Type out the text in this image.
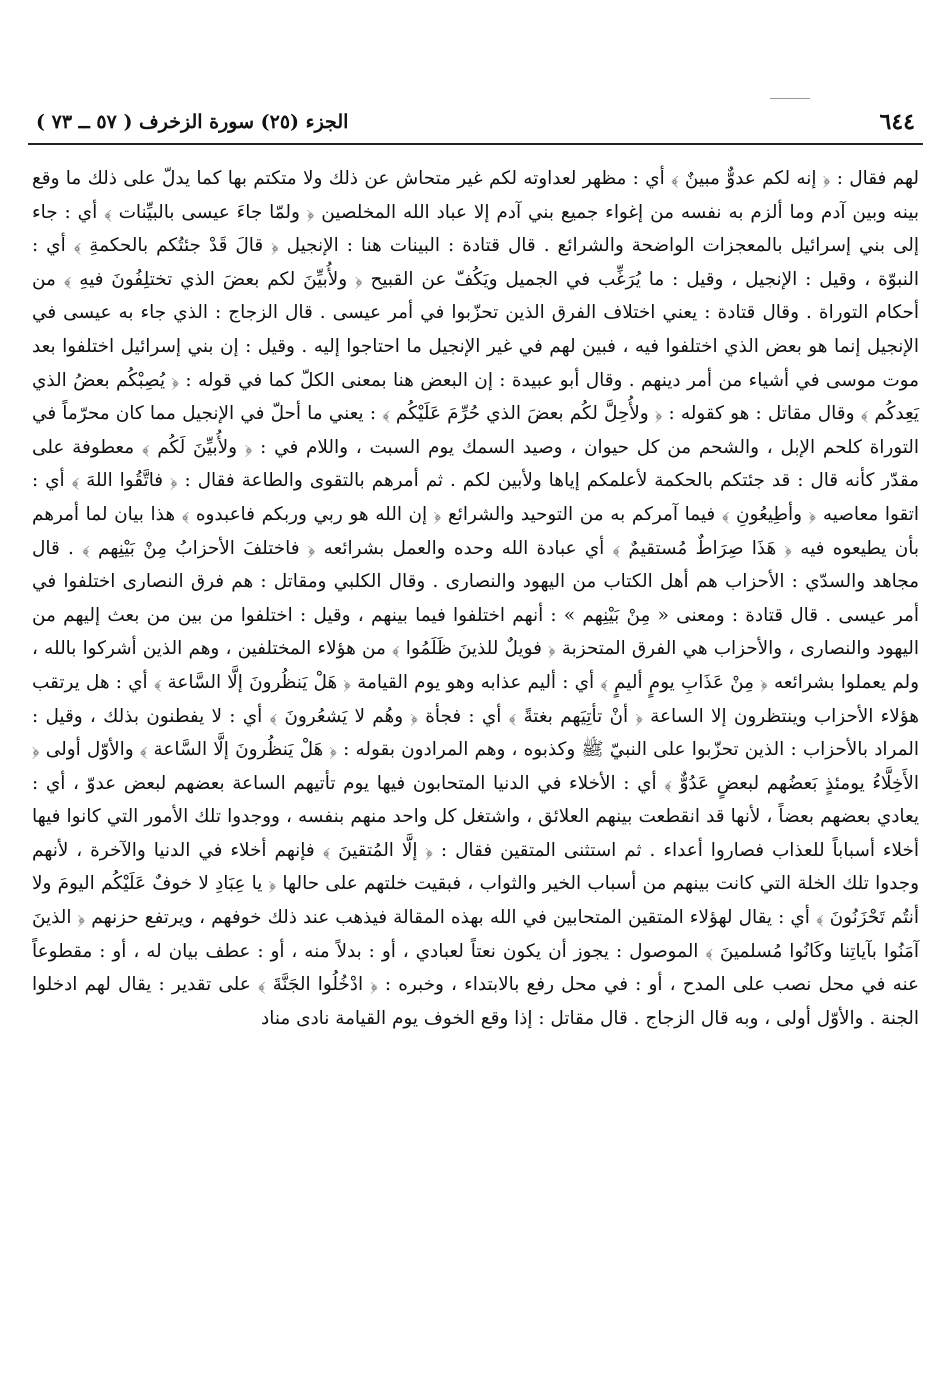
٦٤٤
الجزء (٢٥) سورة الزخرف ( ٥٧ ــ ٧٣ )

لهم فقال : ﴿ إنه لكم عدوٌّ مبينٌ ﴾ أي : مظهر لعداوته لكم غير متحاش عن ذلك ولا متكتم بها كما يدلّ على ذلك ما وقع بينه وبين آدم وما ألزم به نفسه من إغواء جميع بني آدم إلا عباد الله المخلصين ﴿ ولمّا جاءَ عيسى بالبيِّنات ﴾ أي : جاء إلى بني إسرائيل بالمعجزات الواضحة والشرائع . قال قتادة : البينات هنا : الإنجيل ﴿ قالَ قَدْ جئتُكم بالحكمةِ ﴾ أي : النبوّة ، وقيل : الإنجيل ، وقيل : ما يُرَغِّب في الجميل ويَكُفّ عن القبيح ﴿ ولأُبيِّنَ لكم بعضَ الذي تختلِفُونَ فيهِ ﴾ من أحكام التوراة . وقال قتادة : يعني اختلاف الفرق الذين تحزّبوا في أمر عيسى . قال الزجاج : الذي جاء به عيسى في الإنجيل إنما هو بعض الذي اختلفوا فيه ، فبين لهم في غير الإنجيل ما احتاجوا إليه . وقيل : إن بني إسرائيل اختلفوا بعد موت موسى في أشياء من أمر دينهم . وقال أبو عبيدة : إن البعض هنا بمعنى الكلّ كما في قوله : ﴿ يُصِبْكُم بعضُ الذي يَعِدكُم ﴾ وقال مقاتل : هو كقوله : ﴿ ولأُحِلَّ لكُم بعضَ الذي حُرِّمَ عَلَيْكُم ﴾ : يعني ما أحلّ في الإنجيل مما كان محرّماً في التوراة كلحم الإبل ، والشحم من كل حيوان ، وصيد السمك يوم السبت ، واللام في : ﴿ ولأُبيِّنَ لَكُم ﴾ معطوفة على مقدّر كأنه قال : قد جئتكم بالحكمة لأعلمكم إياها ولأبين لكم . ثم أمرهم بالتقوى والطاعة فقال : ﴿ فاتَّقُوا اللهَ ﴾ أي : اتقوا معاصيه ﴿ وأطِيعُونِ ﴾ فيما آمركم به من التوحيد والشرائع ﴿ إن الله هو ربي وربكم فاعبدوه ﴾ هذا بيان لما أمرهم بأن يطيعوه فيه ﴿ هَذَا صِرَاطٌ مُستقيمٌ ﴾ أي عبادة الله وحده والعمل بشرائعه ﴿ فاختلفَ الأحزابُ مِنْ بَيْنِهم ﴾ . قال مجاهد والسدّي : الأحزاب هم أهل الكتاب من اليهود والنصارى . وقال الكلبي ومقاتل : هم فرق النصارى اختلفوا في أمر عيسى . قال قتادة : ومعنى « مِنْ بَيْنِهم » : أنهم اختلفوا فيما بينهم ، وقيل : اختلفوا من بين من بعث إليهم من اليهود والنصارى ، والأحزاب هي الفرق المتحزبة ﴿ فويلٌ للذينَ ظَلَمُوا ﴾ من هؤلاء المختلفين ، وهم الذين أشركوا بالله ، ولم يعملوا بشرائعه ﴿ مِنْ عَذَابِ يومٍ أليمٍ ﴾ أي : أليم عذابه وهو يوم القيامة ﴿ هَلْ يَنظُرونَ إلَّا السَّاعة ﴾ أي : هل يرتقب هؤلاء الأحزاب وينتظرون إلا الساعة ﴿ أنْ تأتِيَهم بغتةً ﴾ أي : فجأة ﴿ وهُم لا يَشعُرونَ ﴾ أي : لا يفطنون بذلك ، وقيل : المراد بالأحزاب : الذين تحزّبوا على النبيّ ﷺ وكذبوه ، وهم المرادون بقوله : ﴿ هَلْ يَنظُرونَ إلَّا السَّاعة ﴾ والأوّل أولى ﴿ الأَخِلَّاءُ يومئذٍ بَعضُهم لبعضٍ عَدُوٌّ ﴾ أي : الأخلاء في الدنيا المتحابون فيها يوم تأتيهم الساعة بعضهم لبعض عدوّ ، أي : يعادي بعضهم بعضاً ، لأنها قد انقطعت بينهم العلائق ، واشتغل كل واحد منهم بنفسه ، ووجدوا تلك الأمور التي كانوا فيها أخلاء أسباباً للعذاب فصاروا أعداء . ثم استثنى المتقين فقال : ﴿ إلَّا المُتقينَ ﴾ فإنهم أخلاء في الدنيا والآخرة ، لأنهم وجدوا تلك الخلة التي كانت بينهم من أسباب الخير والثواب ، فبقيت خلتهم على حالها ﴿ يا عِبَادِ لا خوفٌ عَلَيْكُم اليومَ ولا أنتُم تَحْزَنُونَ ﴾ أي : يقال لهؤلاء المتقين المتحابين في الله بهذه المقالة فيذهب عند ذلك خوفهم ، ويرتفع حزنهم ﴿ الذينَ آمَنُوا بآياتِنا وكَانُوا مُسلمينَ ﴾ الموصول : يجوز أن يكون نعتاً لعبادي ، أو : بدلاً منه ، أو : عطف بيان له ، أو : مقطوعاً عنه في محل نصب على المدح ، أو : في محل رفع بالابتداء ، وخبره : ﴿ ادْخُلُوا الجَنَّةَ ﴾ على تقدير : يقال لهم ادخلوا الجنة . والأوّل أولى ، وبه قال الزجاج . قال مقاتل : إذا وقع الخوف يوم القيامة نادى مناد
